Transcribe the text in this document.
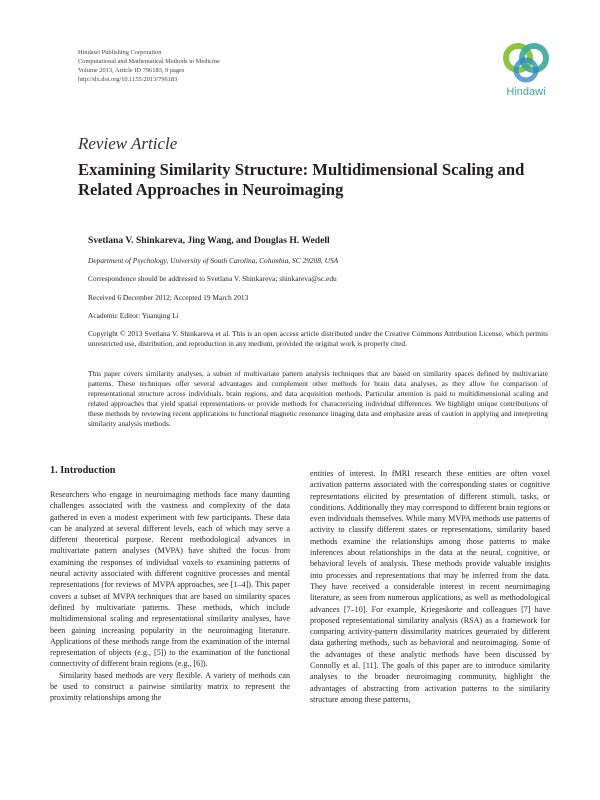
Hindawi Publishing Corporation
Computational and Mathematical Methods in Medicine
Volume 2013, Article ID 796183, 9 pages
http://dx.doi.org/10.1155/2013/796183
Hindawi
Review Article
Examining Similarity Structure: Multidimensional Scaling and Related Approaches in Neuroimaging
Svetlana V. Shinkareva, Jing Wang, and Douglas H. Wedell
Department of Psychology, University of South Carolina, Columbia, SC 29208, USA
Correspondence should be addressed to Svetlana V. Shinkareva; shinkareva@sc.edu
Received 6 December 2012; Accepted 19 March 2013
Academic Editor: Yuanqing Li
Copyright © 2013 Svetlana V. Shinkareva et al. This is an open access article distributed under the Creative Commons Attribution License, which permits unrestricted use, distribution, and reproduction in any medium, provided the original work is properly cited.
This paper covers similarity analyses, a subset of multivariate pattern analysis techniques that are based on similarity spaces defined by multivariate patterns. These techniques offer several advantages and complement other methods for brain data analyses, as they allow for comparison of representational structure across individuals, brain regions, and data acquisition methods. Particular attention is paid to multidimensional scaling and related approaches that yield spatial representations or provide methods for characterizing individual differences. We highlight unique contributions of these methods by reviewing recent applications to functional magnetic resonance imaging data and emphasize areas of caution in applying and interpreting similarity analysis methods.
1. Introduction

Researchers who engage in neuroimaging methods face many daunting challenges associated with the vastness and complexity of the data gathered in even a modest experiment with few participants. These data can be analyzed at several different levels, each of which may serve a different theoretical purpose. Recent methodological advances in multivariate pattern analyses (MVPA) have shifted the focus from examining the responses of individual voxels to examining patterns of neural activity associated with different cognitive processes and mental representations (for reviews of MVPA approaches, see [1–4]). This paper covers a subset of MVPA techniques that are based on similarity spaces defined by multivariate patterns. These methods, which include multidimensional scaling and representational similarity analyses, have been gaining increasing popularity in the neuroimaging literature. Applications of these methods range from the examination of the internal representation of objects (e.g., [5]) to the examination of the functional connectivity of different brain regions (e.g., [6]).

Similarity based methods are very flexible. A variety of methods can be used to construct a pairwise similarity matrix to represent the proximity relationships among the

entities of interest. In fMRI research these entities are often voxel activation patterns associated with the corresponding states or cognitive representations elicited by presentation of different stimuli, tasks, or conditions. Additionally they may correspond to different brain regions or even individuals themselves. While many MVPA methods use patterns of activity to classify different states or representations, similarity based methods examine the relationships among those patterns to make inferences about relationships in the data at the neural, cognitive, or behavioral levels of analysis. These methods provide valuable insights into processes and representations that may be inferred from the data. They have received a considerable interest in recent neuroimaging literature, as seen from numerous applications, as well as methodological advances [7–10]. For example, Kriegeskorte and colleagues [7] have proposed representational similarity analysis (RSA) as a framework for comparing activity-pattern dissimilarity matrices generated by different data gathering methods, such as behavioral and neuroimaging. Some of the advantages of these analytic methods have been discussed by Connolly et al. [11]. The goals of this paper are to introduce similarity analyses to the broader neuroimaging community, highlight the advantages of abstracting from activation patterns to the similarity structure among these patterns,
